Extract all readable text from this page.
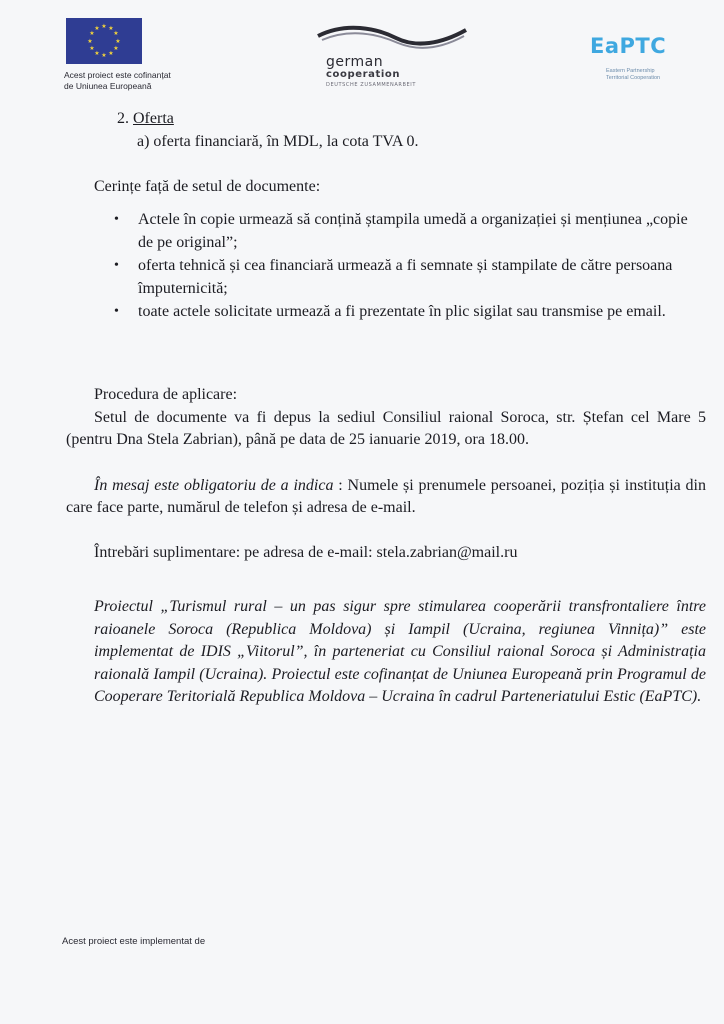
★ ★
★
★
★
★
★
★
★
★
★
★
Acest proiect este cofinanțat
de Uniunea Europeană
german
cooperation
DEUTSCHE ZUSAMMENARBEIT
EaPTC
Eastern Partnership
Territorial Cooperation
2. Oferta
a) oferta financiară, în MDL, la cota TVA 0.
Cerințe față de setul de documente:
• Actele în copie urmează să conțină ștampila umedă a organizației și mențiunea „copie de pe original”;
• oferta tehnică și cea financiară urmează a fi semnate și stampilate de către persoana împuternicită;
• toate actele solicitate urmează a fi prezentate în plic sigilat sau transmise pe email.
Procedura de aplicare:
Setul de documente va fi depus la sediul Consiliul raional Soroca, str. Ștefan cel Mare 5 (pentru Dna Stela Zabrian), până pe data de 25 ianuarie 2019, ora 18.00.
În mesaj este obligatoriu de a indica : Numele și prenumele persoanei, poziția și instituția din care face parte, numărul de telefon și adresa de e-mail.
Întrebări suplimentare: pe adresa de e-mail: stela.zabrian@mail.ru
Proiectul „Turismul rural – un pas sigur spre stimularea cooperării transfrontaliere între raioanele Soroca (Republica Moldova) și Iampil (Ucraina, regiunea Vinnița)” este implementat de IDIS „Viitorul”, în parteneriat cu Consiliul raional Soroca și Administrația raională Iampil (Ucraina). Proiectul este cofinanțat de Uniunea Europeană prin Programul de Cooperare Teritorială Republica Moldova – Ucraina în cadrul Parteneriatului Estic (EaPTC).
Acest proiect este implementat de
